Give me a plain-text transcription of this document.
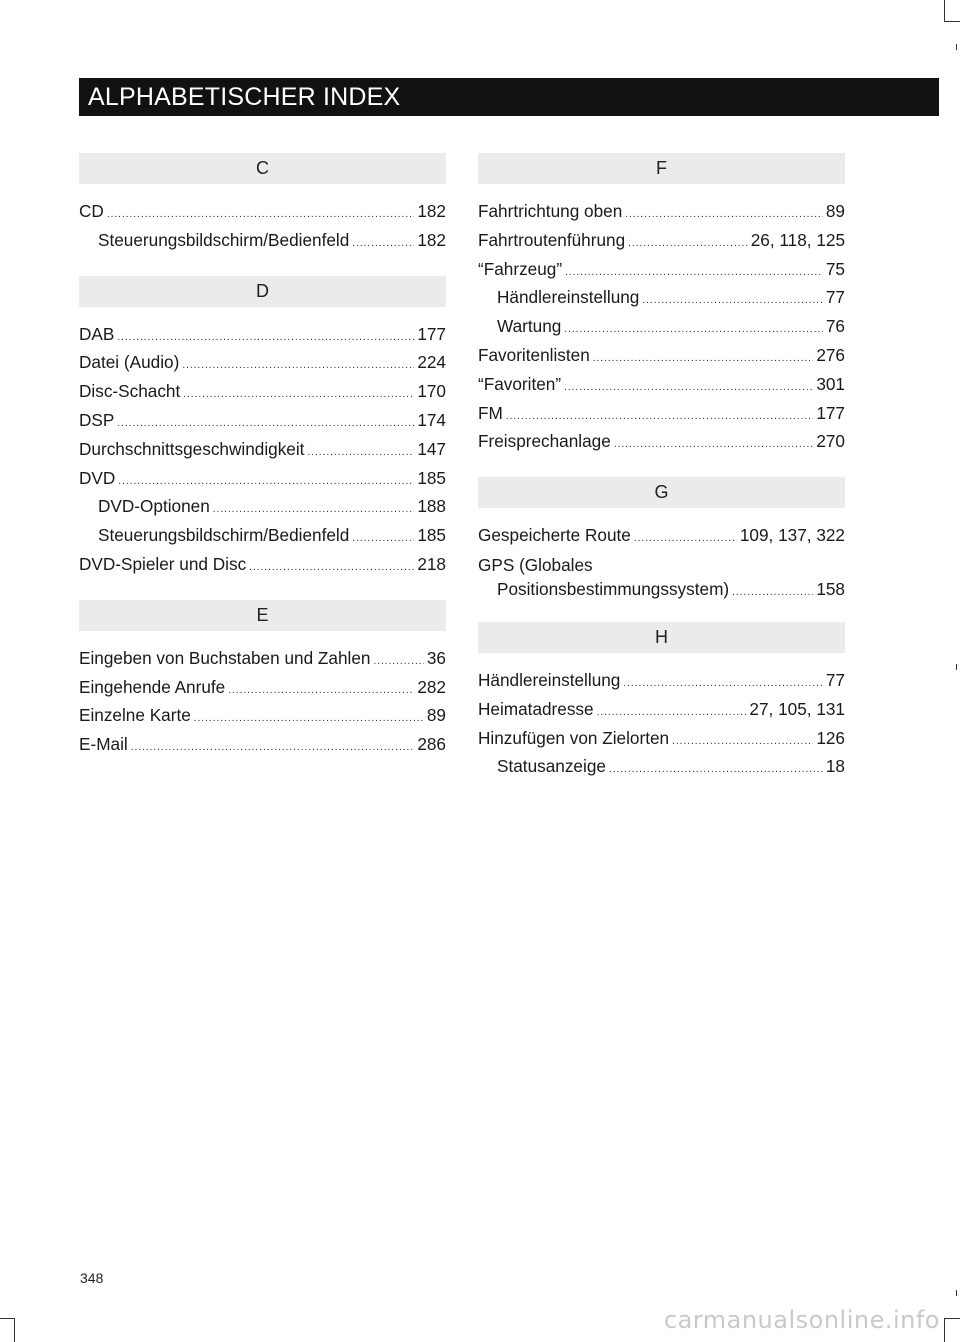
ALPHABETISCHER INDEX
C
CD .....	182
Steuerungsbildschirm/Bedienfeld .....	182
D
DAB .....	177
Datei (Audio) .....	224
Disc-Schacht .....	170
DSP .....	174
Durchschnittsgeschwindigkeit .....	147
DVD .....	185
DVD-Optionen .....	188
Steuerungsbildschirm/Bedienfeld .....	185
DVD-Spieler und Disc .....	218
E
Eingeben von Buchstaben und Zahlen .....	36
Eingehende Anrufe .....	282
Einzelne Karte .....	89
E-Mail .....	286
F
Fahrtrichtung oben .....	89
Fahrtroutenführung .....	26, 118, 125
“Fahrzeug” .....	75
Händlereinstellung .....	77
Wartung .....	76
Favoritenlisten .....	276
“Favoriten” .....	301
FM .....	177
Freisprechanlage .....	270
G
Gespeicherte Route .....	109, 137, 322
GPS (Globales
Positionsbestimmungssystem) .....	158
H
Händlereinstellung .....	77
Heimatadresse .....	27, 105, 131
Hinzufügen von Zielorten .....	126
Statusanzeige .....	18
348
carmanualsonline.info
